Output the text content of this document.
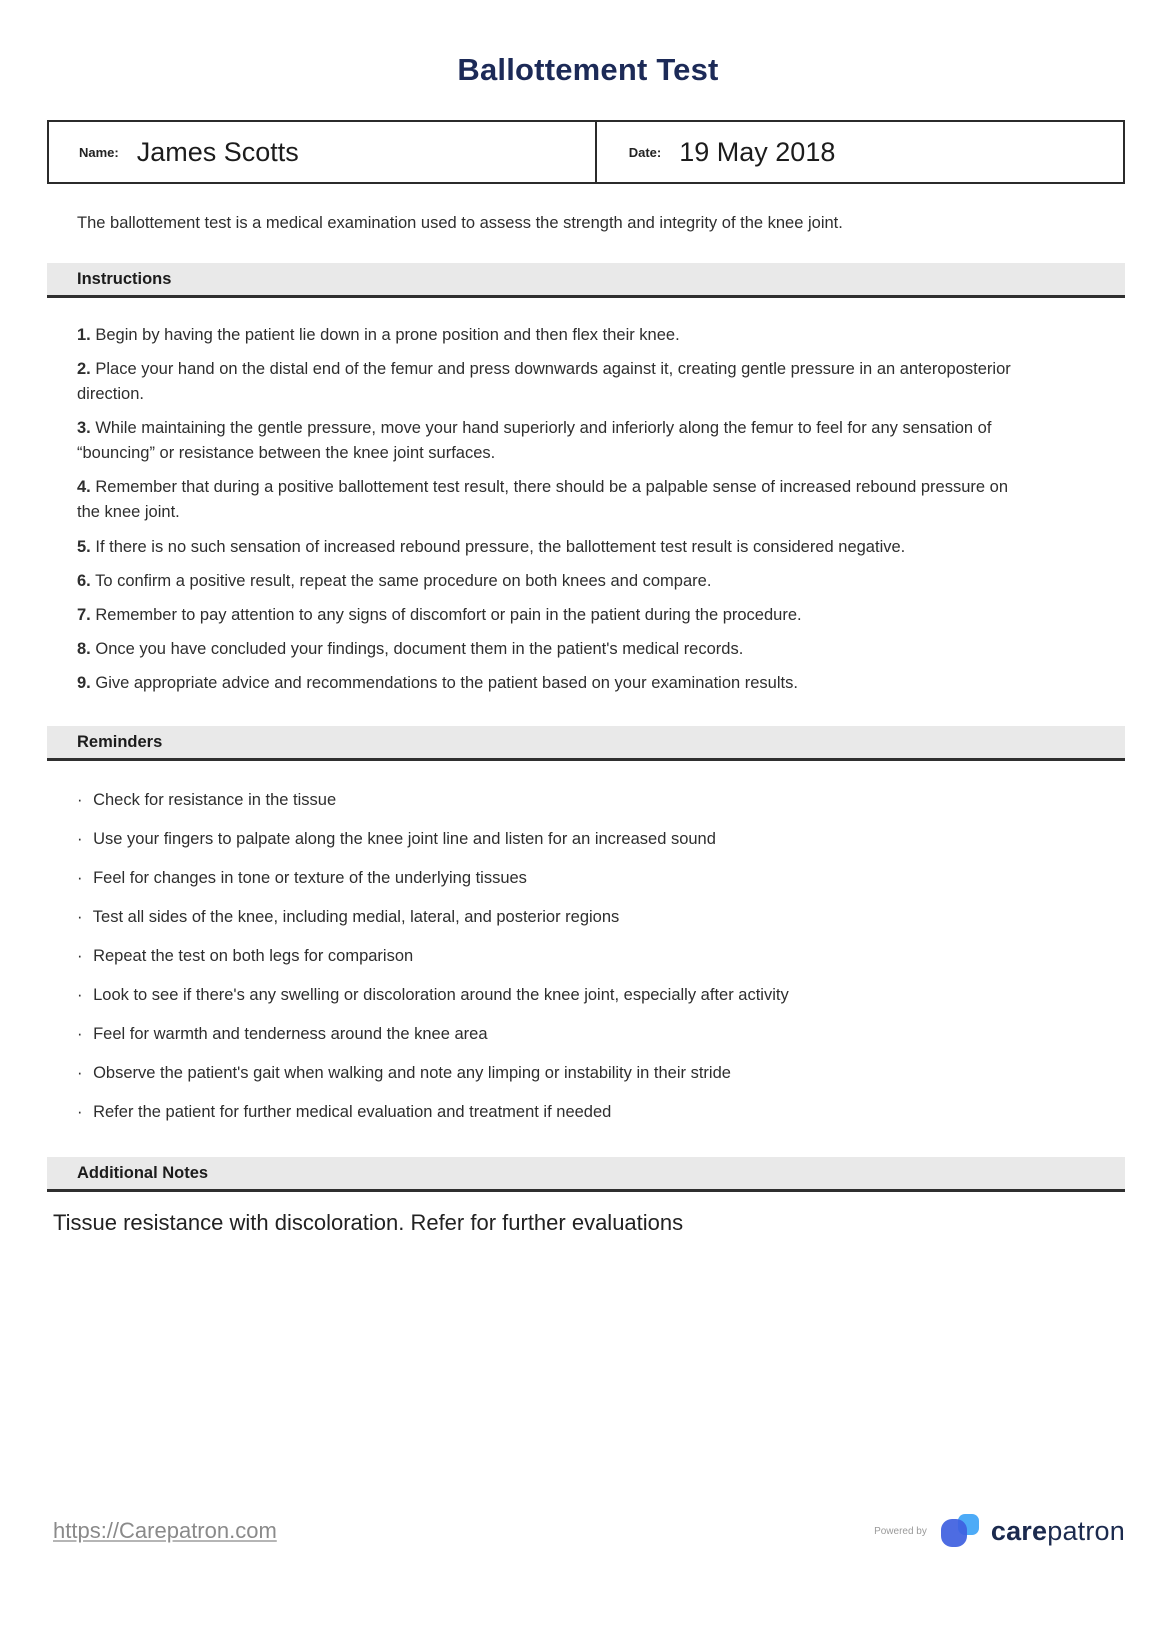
Ballottement Test
Name: James Scotts	Date: 19 May 2018

The ballottement test is a medical examination used to assess the strength and integrity of the knee joint.

Instructions
1. Begin by having the patient lie down in a prone position and then flex their knee.
2. Place your hand on the distal end of the femur and press downwards against it, creating gentle pressure in an anteroposterior direction.
3. While maintaining the gentle pressure, move your hand superiorly and inferiorly along the femur to feel for any sensation of “bouncing” or resistance between the knee joint surfaces.
4. Remember that during a positive ballottement test result, there should be a palpable sense of increased rebound pressure on the knee joint.
5. If there is no such sensation of increased rebound pressure, the ballottement test result is considered negative.
6. To confirm a positive result, repeat the same procedure on both knees and compare.
7. Remember to pay attention to any signs of discomfort or pain in the patient during the procedure.
8. Once you have concluded your findings, document them in the patient's medical records.
9. Give appropriate advice and recommendations to the patient based on your examination results.
Reminders
· Check for resistance in the tissue
· Use your fingers to palpate along the knee joint line and listen for an increased sound
· Feel for changes in tone or texture of the underlying tissues
· Test all sides of the knee, including medial, lateral, and posterior regions
· Repeat the test on both legs for comparison
· Look to see if there's any swelling or discoloration around the knee joint, especially after activity
· Feel for warmth and tenderness around the knee area
· Observe the patient's gait when walking and note any limping or instability in their stride
· Refer the patient for further medical evaluation and treatment if needed
Additional Notes

Tissue resistance with discoloration. Refer for further evaluations

https://Carepatron.com	Powered by carepatron
